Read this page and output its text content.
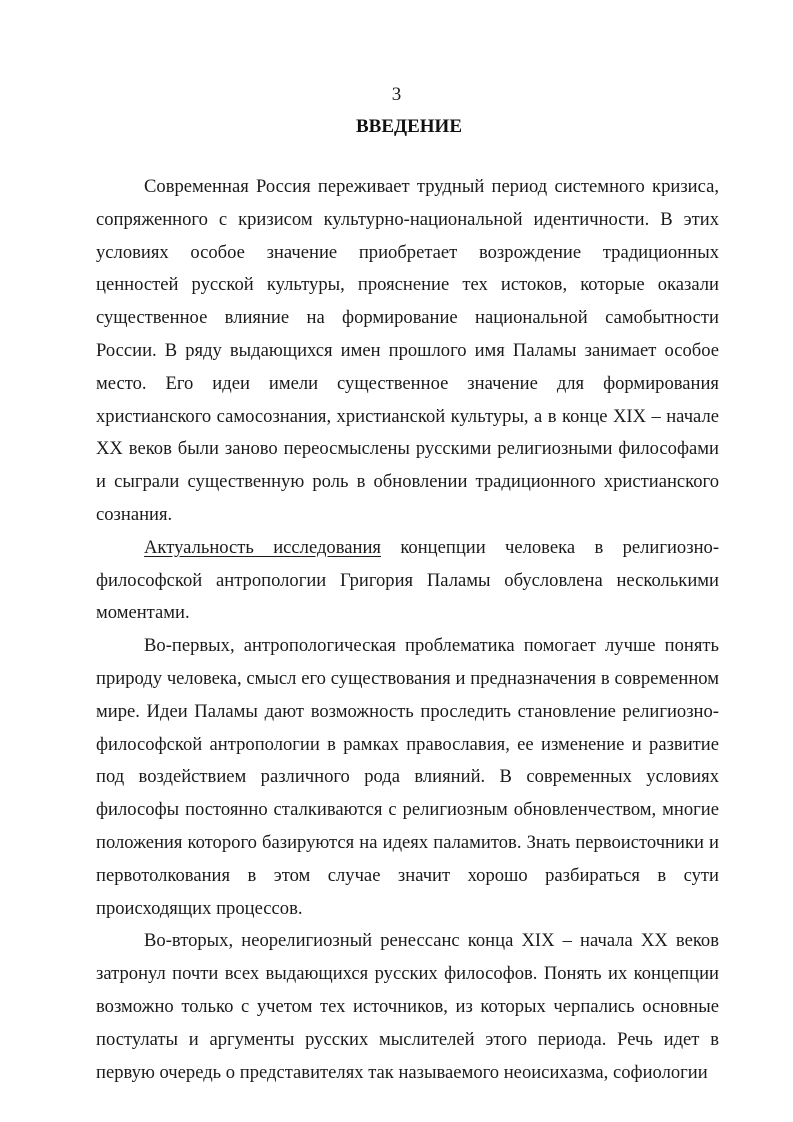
3
ВВЕДЕНИЕ

Современная Россия переживает трудный период системного кризиса, сопряженного с кризисом культурно-национальной идентичности. В этих условиях особое значение приобретает возрождение традиционных ценностей русской культуры, прояснение тех истоков, которые оказали существенное влияние на формирование национальной самобытности России. В ряду выдающихся имен прошлого имя Паламы занимает особое место. Его идеи имели существенное значение для формирования христианского самосознания, христианской культуры, а в конце XIX – начале XX веков были заново переосмыслены русскими религиозными философами и сыграли существенную роль в обновлении традиционного христианского сознания.

Актуальность исследования концепции человека в религиозно-философской антропологии Григория Паламы обусловлена несколькими моментами.

Во-первых, антропологическая проблематика помогает лучше понять природу человека, смысл его существования и предназначения в современном мире. Идеи Паламы дают возможность проследить становление религиозно-философской антропологии в рамках православия, ее изменение и развитие под воздействием различного рода влияний. В современных условиях философы постоянно сталкиваются с религиозным обновленчеством, многие положения которого базируются на идеях паламитов. Знать первоисточники и первотолкования в этом случае значит хорошо разбираться в сути происходящих процессов.

Во-вторых, неорелигиозный ренессанс конца XIX – начала XX веков затронул почти всех выдающихся русских философов. Понять их концепции возможно только с учетом тех источников, из которых черпались основные постулаты и аргументы русских мыслителей этого периода. Речь идет в первую очередь о представителях так называемого неоисихазма, софиологии
